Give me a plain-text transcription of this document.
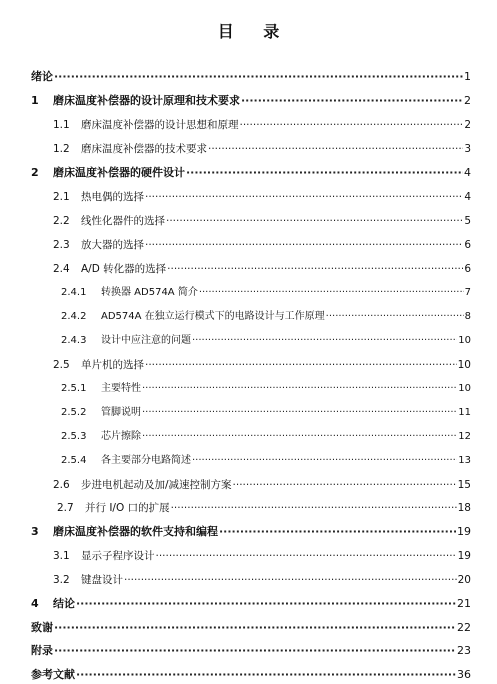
目 录
绪论 ·····	1
1	磨床温度补偿器的设计原理和技术要求 ·····	2
1.1	磨床温度补偿器的设计思想和原理 ·····	2
1.2	磨床温度补偿器的技术要求 ·····	3
2	磨床温度补偿器的硬件设计 ·····	4
2.1	热电偶的选择 ·····	4
2.2	线性化器件的选择 ·····	5
2.3	放大器的选择 ·····	6
2.4	A/D 转化器的选择 ·····	6
2.4.1	转换器 AD574A 简介 ·····	7
2.4.2	AD574A 在独立运行模式下的电路设计与工作原理 ·····	8
2.4.3	设计中应注意的问题 ·····	10
2.5	单片机的选择 ·····	10
2.5.1	主要特性 ·····	10
2.5.2	管脚说明 ·····	11
2.5.3	芯片擦除 ·····	12
2.5.4	各主要部分电路简述 ·····	13
2.6	步进电机起动及加/减速控制方案 ·····	15
2.7	并行 I/O 口的扩展 ·····	18
3	磨床温度补偿器的软件支持和编程 ·····	19
3.1	显示子程序设计 ·····	19
3.2	键盘设计 ·····	20
4	结论 ·····	21
致谢 ·····	22
附录 ·····	23
参考文献 ·····	36
